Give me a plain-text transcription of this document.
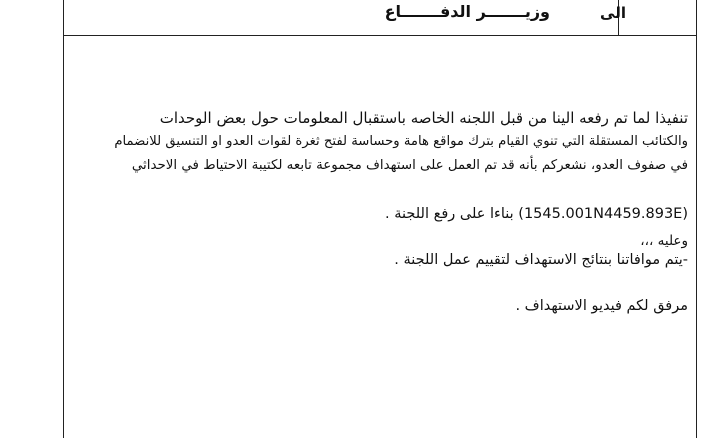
الى
وزيـــــــر الدفـــــــاع

تنفيذا لما تم رفعه الينا من قبل اللجنه الخاصه باستقبال المعلومات حول بعض الوحدات

والكتائب المستقلة التي تنوي القيام بترك مواقع هامة وحساسة لفتح ثغرة لقوات العدو او التنسيق للانضمام

في صفوف العدو، نشعركم بأنه قد تم العمل على استهداف مجموعة تابعه لكتيبة الاحتياط في الاحداثي

(1545.001N4459.893E) بناءا على رفع اللجنة .
وعليه ،،،
-يتم موافاتنا بنتائج الاستهداف لتقييم عمل اللجنة .
مرفق لكم فيديو الاستهداف .
